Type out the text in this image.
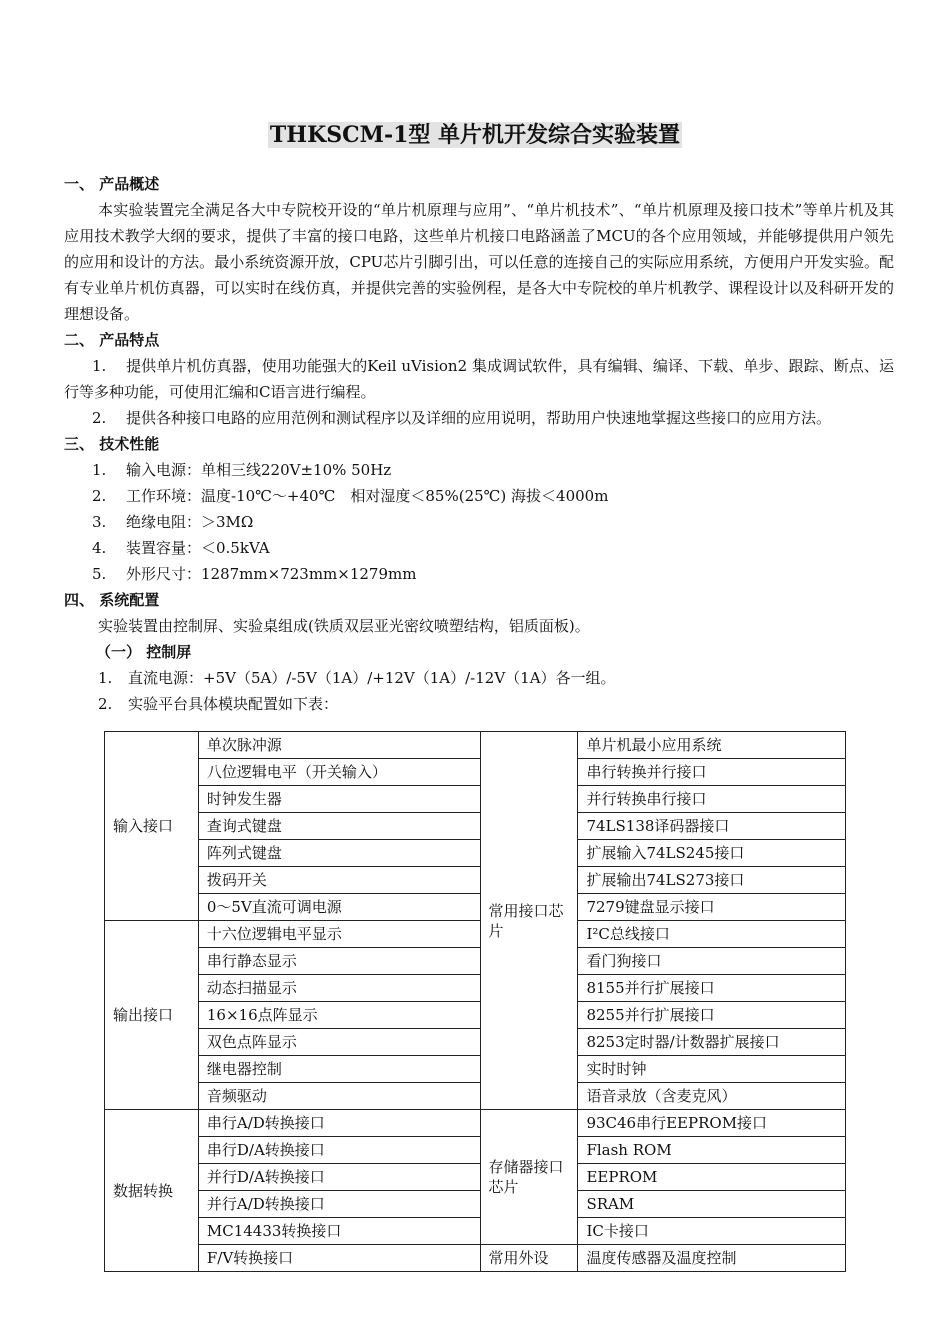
THKSCM-1型 单片机开发综合实验装置
一、 产品概述

本实验装置完全满足各大中专院校开设的“单片机原理与应用”、“单片机技术”、“单片机原理及接口技术”等单片机及其应用技术教学大纲的要求，提供了丰富的接口电路，这些单片机接口电路涵盖了MCU的各个应用领域，并能够提供用户领先的应用和设计的方法。最小系统资源开放，CPU芯片引脚引出，可以任意的连接自己的实际应用系统，方便用户开发实验。配有专业单片机仿真器，可以实时在线仿真，并提供完善的实验例程，是各大中专院校的单片机教学、课程设计以及科研开发的理想设备。

二、 产品特点

1. 提供单片机仿真器，使用功能强大的Keil uVision2 集成调试软件，具有编辑、编译、下载、单步、跟踪、断点、运行等多种功能，可使用汇编和C语言进行编程。

2. 提供各种接口电路的应用范例和测试程序以及详细的应用说明，帮助用户快速地掌握这些接口的应用方法。

三、 技术性能

1. 输入电源：单相三线220V±10% 50Hz

2. 工作环境：温度-10℃～+40℃　相对湿度＜85%(25℃) 海拔＜4000m

3. 绝缘电阻：＞3MΩ

4. 装置容量：＜0.5kVA

5. 外形尺寸：1287mm×723mm×1279mm

四、 系统配置

实验装置由控制屏、实验桌组成(铁质双层亚光密纹喷塑结构，铝质面板)。

（一） 控制屏

1. 直流电源：+5V（5A）/-5V（1A）/+12V（1A）/-12V（1A）各一组。

2. 实验平台具体模块配置如下表：

输入接口	单次脉冲源	常用接口芯片	单片机最小应用系统
	八位逻辑电平（开关输入）		串行转换并行接口
	时钟发生器		并行转换串行接口
	查询式键盘		74LS138译码器接口
	阵列式键盘		扩展输入74LS245接口
	拨码开关		扩展输出74LS273接口
	0～5V直流可调电源		7279键盘显示接口
输出接口	十六位逻辑电平显示		I²C总线接口
	串行静态显示		看门狗接口
	动态扫描显示		8155并行扩展接口
	16×16点阵显示		8255并行扩展接口
	双色点阵显示		8253定时器/计数器扩展接口
	继电器控制		实时时钟
	音频驱动		语音录放（含麦克风）
数据转换	串行A/D转换接口	存储器接口芯片	93C46串行EEPROM接口
	串行D/A转换接口		Flash ROM
	并行D/A转换接口		EEPROM
	并行A/D转换接口		SRAM
	MC14433转换接口		IC卡接口
	F/V转换接口	常用外设	温度传感器及温度控制
